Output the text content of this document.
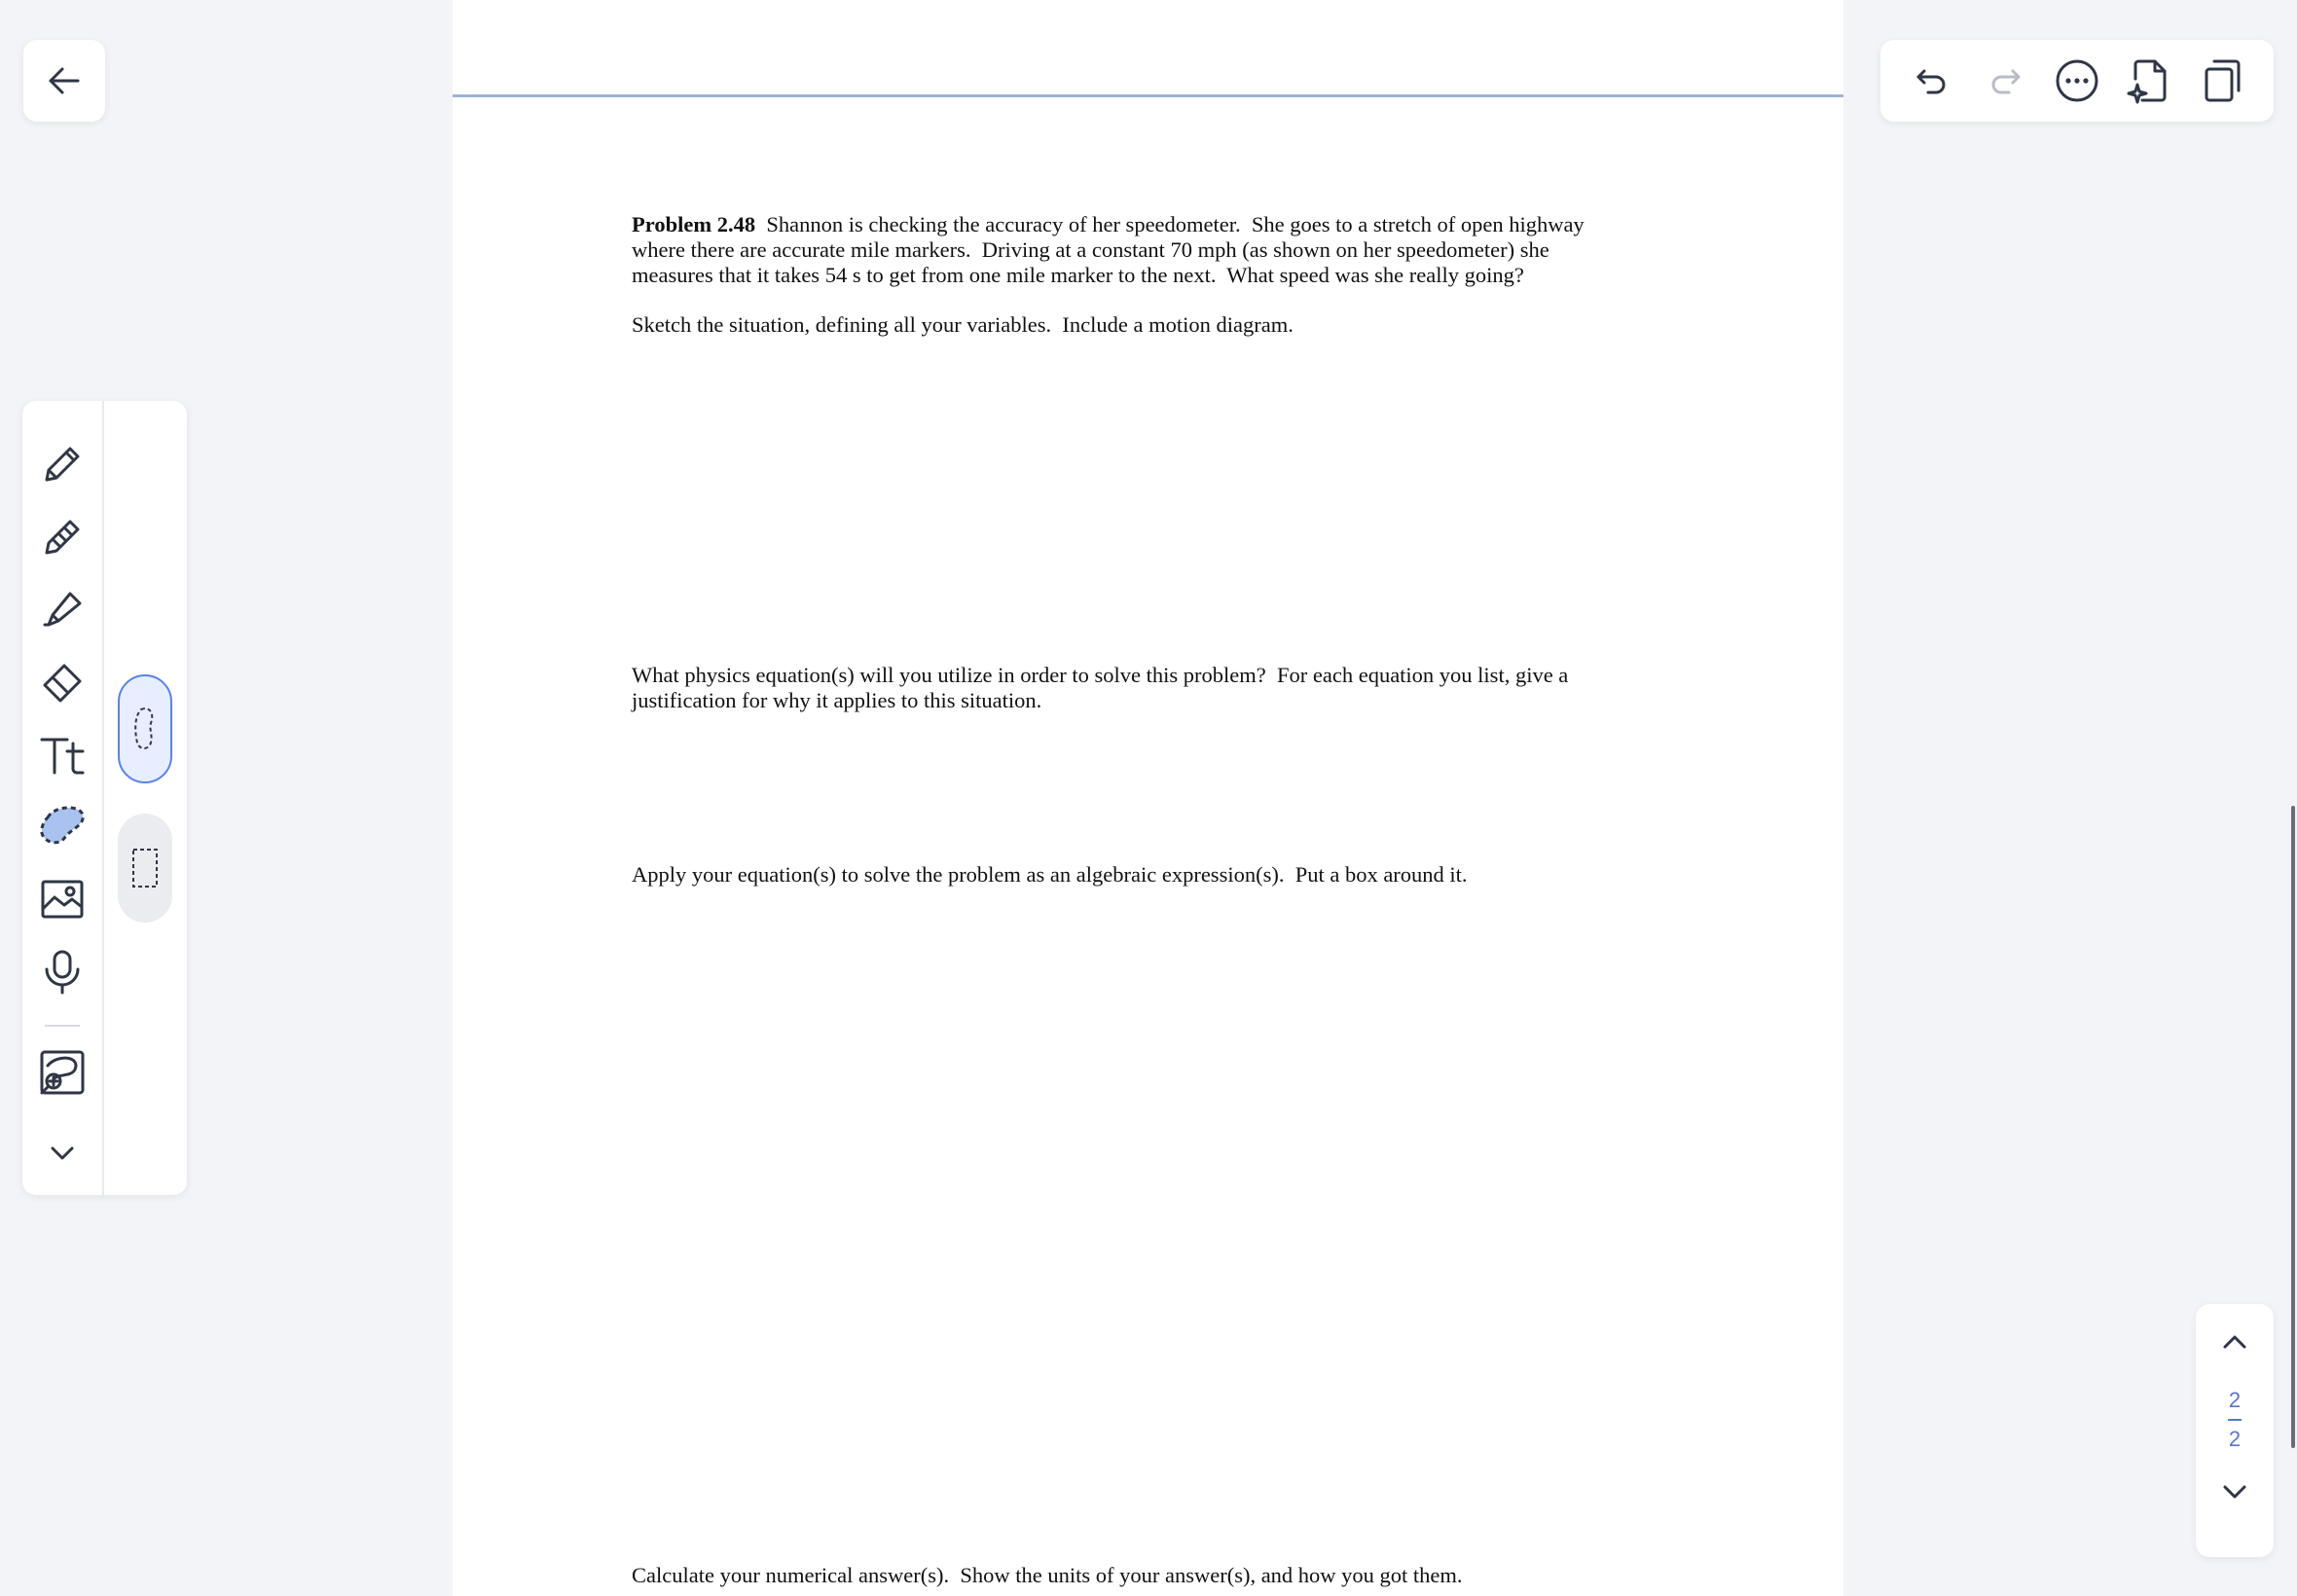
Problem 2.48  Shannon is checking the accuracy of her speedometer.  She goes to a stretch of open highway
where there are accurate mile markers.  Driving at a constant 70 mph (as shown on her speedometer) she
measures that it takes 54 s to get from one mile marker to the next.  What speed was she really going?
Sketch the situation, defining all your variables.  Include a motion diagram.
What physics equation(s) will you utilize in order to solve this problem?  For each equation you list, give a
justification for why it applies to this situation.
Apply your equation(s) to solve the problem as an algebraic expression(s).  Put a box around it.
Calculate your numerical answer(s).  Show the units of your answer(s), and how you got them.
2
2
